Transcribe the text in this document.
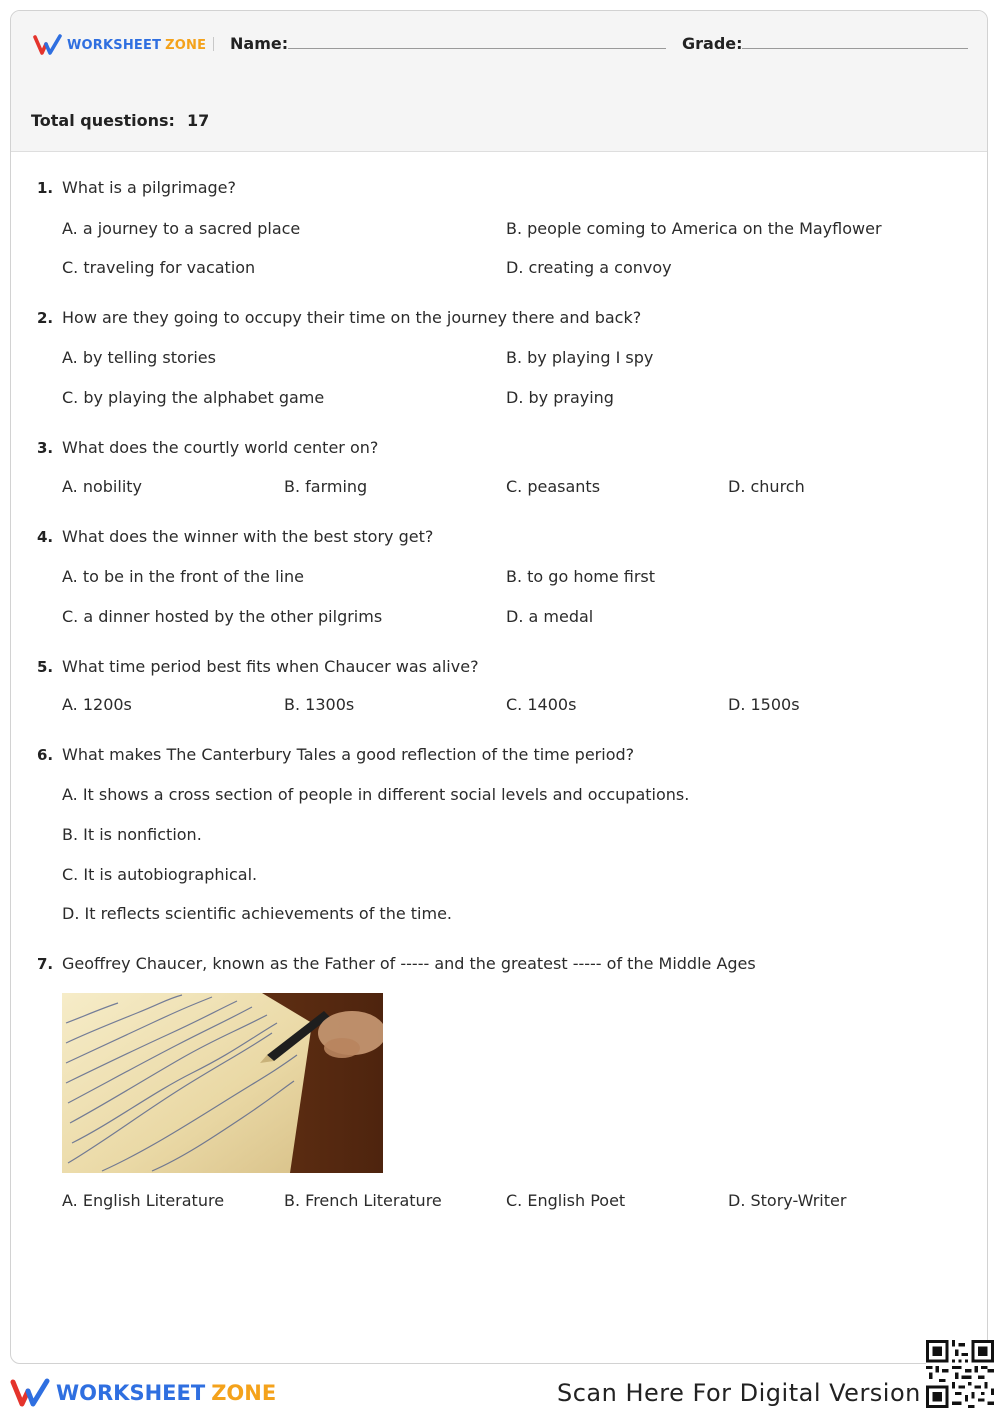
WORKSHEET ZONE Name:	Grade:
Total questions: 17
1. What is a pilgrimage?
A. a journey to a sacred place	B. people coming to America on the Mayflower
C. traveling for vacation	D. creating a convoy
2. How are they going to occupy their time on the journey there and back?
A. by telling stories	B. by playing I spy
C. by playing the alphabet game	D. by praying
3. What does the courtly world center on?
A. nobility	B. farming	C. peasants	D. church
4. What does the winner with the best story get?
A. to be in the front of the line	B. to go home first
C. a dinner hosted by the other pilgrims	D. a medal
5. What time period best fits when Chaucer was alive?
A. 1200s	B. 1300s	C. 1400s	D. 1500s
6. What makes The Canterbury Tales a good reflection of the time period?
A. It shows a cross section of people in different social levels and occupations.
B. It is nonfiction.
C. It is autobiographical.
D. It reflects scientific achievements of the time.
7. Geoffrey Chaucer, known as the Father of ----- and the greatest ----- of the Middle Ages
A. English Literature	B. French Literature	C. English Poet	D. Story-Writer
WORKSHEET ZONE	Scan Here For Digital Version
